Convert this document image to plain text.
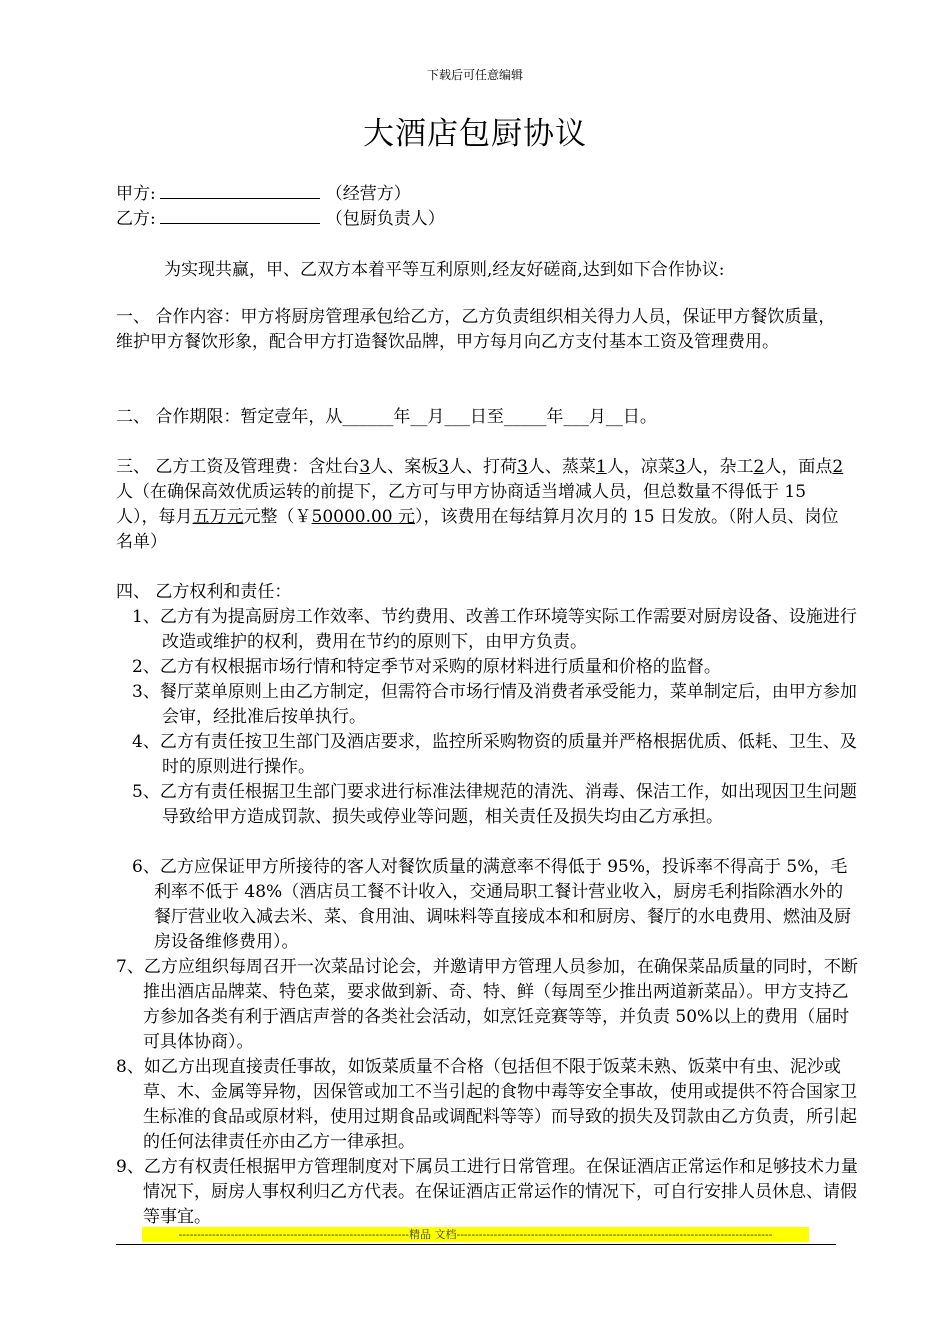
下载后可任意编辑
大酒店包厨协议
甲方:	（经营方）
乙方:	（包厨负责人）
为实现共赢，甲、乙双方本着平等互利原则,经友好磋商,达到如下合作协议:
一、 合作内容：甲方将厨房管理承包给乙方，乙方负责组织相关得力人员，保证甲方餐饮质量，维护甲方餐饮形象，配合甲方打造餐饮品牌，甲方每月向乙方支付基本工资及管理费用。
二、 合作期限：暂定壹年，从______年__月___日至_____年___月__日。
三、 乙方工资及管理费：含灶台3人、案板3人、打荷3人、蒸菜1人，凉菜3人，杂工2人，面点2人（在确保高效优质运转的前提下，乙方可与甲方协商适当增减人员，但总数量不得低于 15 人），每月五万元元整（￥50000.00 元），该费用在每结算月次月的 15 日发放。（附人员、岗位名单）
四、 乙方权利和责任：
1、乙方有为提高厨房工作效率、节约费用、改善工作环境等实际工作需要对厨房设备、设施进行改造或维护的权利，费用在节约的原则下，由甲方负责。
2、乙方有权根据市场行情和特定季节对采购的原材料进行质量和价格的监督。
3、餐厅菜单原则上由乙方制定，但需符合市场行情及消费者承受能力，菜单制定后，由甲方参加会审，经批准后按单执行。
4、乙方有责任按卫生部门及酒店要求，监控所采购物资的质量并严格根据优质、低耗、卫生、及时的原则进行操作。
5、乙方有责任根据卫生部门要求进行标准法律规范的清洗、消毒、保洁工作，如出现因卫生问题导致给甲方造成罚款、损失或停业等问题，相关责任及损失均由乙方承担。
6、乙方应保证甲方所接待的客人对餐饮质量的满意率不得低于 95%，投诉率不得高于 5%，毛利率不低于 48%（酒店员工餐不计收入，交通局职工餐计营业收入，厨房毛利指除酒水外的餐厅营业收入减去米、菜、食用油、调味料等直接成本和和厨房、餐厅的水电费用、燃油及厨房设备维修费用）。
7、乙方应组织每周召开一次菜品讨论会，并邀请甲方管理人员参加，在确保菜品质量的同时，不断推出酒店品牌菜、特色菜，要求做到新、奇、特、鲜（每周至少推出两道新菜品）。甲方支持乙方参加各类有利于酒店声誉的各类社会活动，如烹饪竞赛等等，并负责 50%以上的费用（届时可具体协商）。
8、如乙方出现直接责任事故，如饭菜质量不合格（包括但不限于饭菜未熟、饭菜中有虫、泥沙或草、木、金属等异物，因保管或加工不当引起的食物中毒等安全事故，使用或提供不符合国家卫生标准的食品或原材料，使用过期食品或调配料等等）而导致的损失及罚款由乙方负责，所引起的任何法律责任亦由乙方一律承担。
9、乙方有权责任根据甲方管理制度对下属员工进行日常管理。在保证酒店正常运作和足够技术力量情况下，厨房人事权利归乙方代表。在保证酒店正常运作的情况下，可自行安排人员休息、请假等事宜。
--------------------------------------------------------------精品 文档-------------------------------------------------------------------------------------
